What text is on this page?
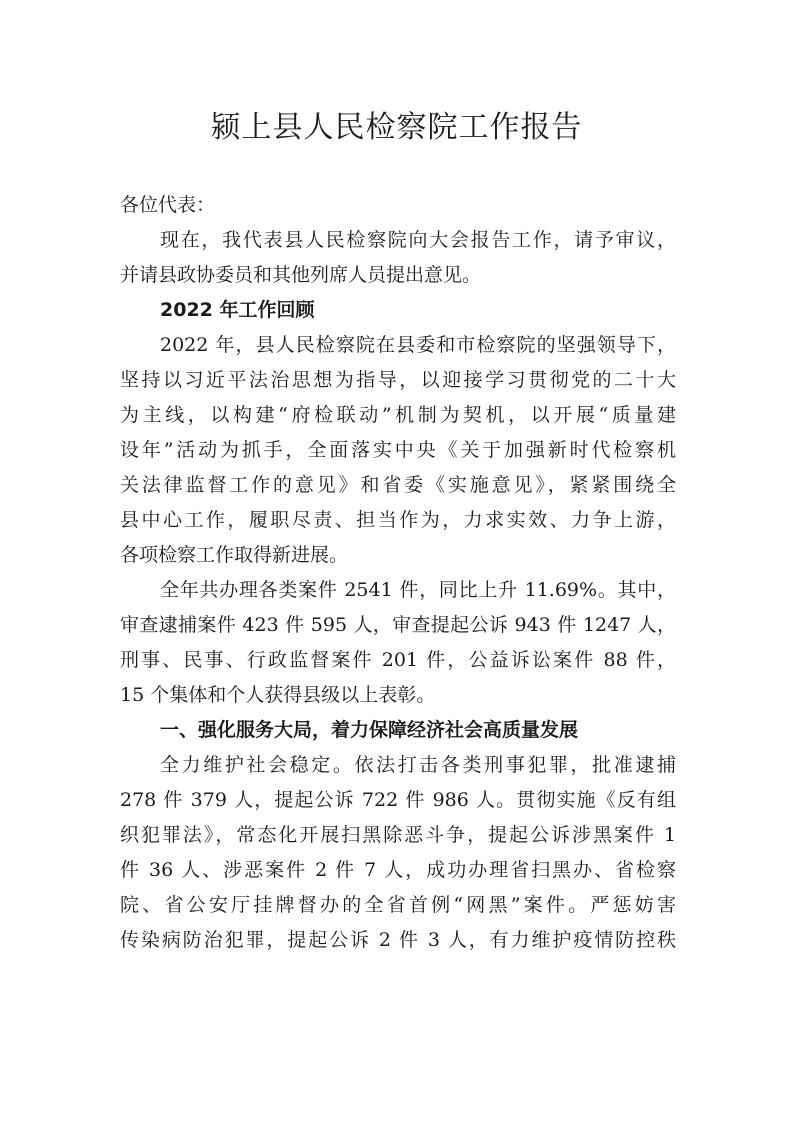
颍上县人民检察院工作报告
各位代表：
现在，我代表县人民检察院向大会报告工作，请予审议，
并请县政协委员和其他列席人员提出意见。
2022 年工作回顾
2022 年，县人民检察院在县委和市检察院的坚强领导下，
坚持以习近平法治思想为指导，以迎接学习贯彻党的二十大
为主线，以构建“府检联动”机制为契机，以开展“质量建
设年”活动为抓手，全面落实中央《关于加强新时代检察机
关法律监督工作的意见》和省委《实施意见》，紧紧围绕全
县中心工作，履职尽责、担当作为，力求实效、力争上游，
各项检察工作取得新进展。
全年共办理各类案件 2541 件，同比上升 11.69%。其中，
审查逮捕案件 423 件 595 人，审查提起公诉 943 件 1247 人，
刑事、民事、行政监督案件 201 件，公益诉讼案件 88 件，
15 个集体和个人获得县级以上表彰。
一、强化服务大局，着力保障经济社会高质量发展
全力维护社会稳定。依法打击各类刑事犯罪，批准逮捕
278 件 379 人，提起公诉 722 件 986 人。贯彻实施《反有组
织犯罪法》，常态化开展扫黑除恶斗争，提起公诉涉黑案件 1
件 36 人、涉恶案件 2 件 7 人，成功办理省扫黑办、省检察
院、省公安厅挂牌督办的全省首例“网黑”案件。严惩妨害
传染病防治犯罪，提起公诉 2 件 3 人，有力维护疫情防控秩
